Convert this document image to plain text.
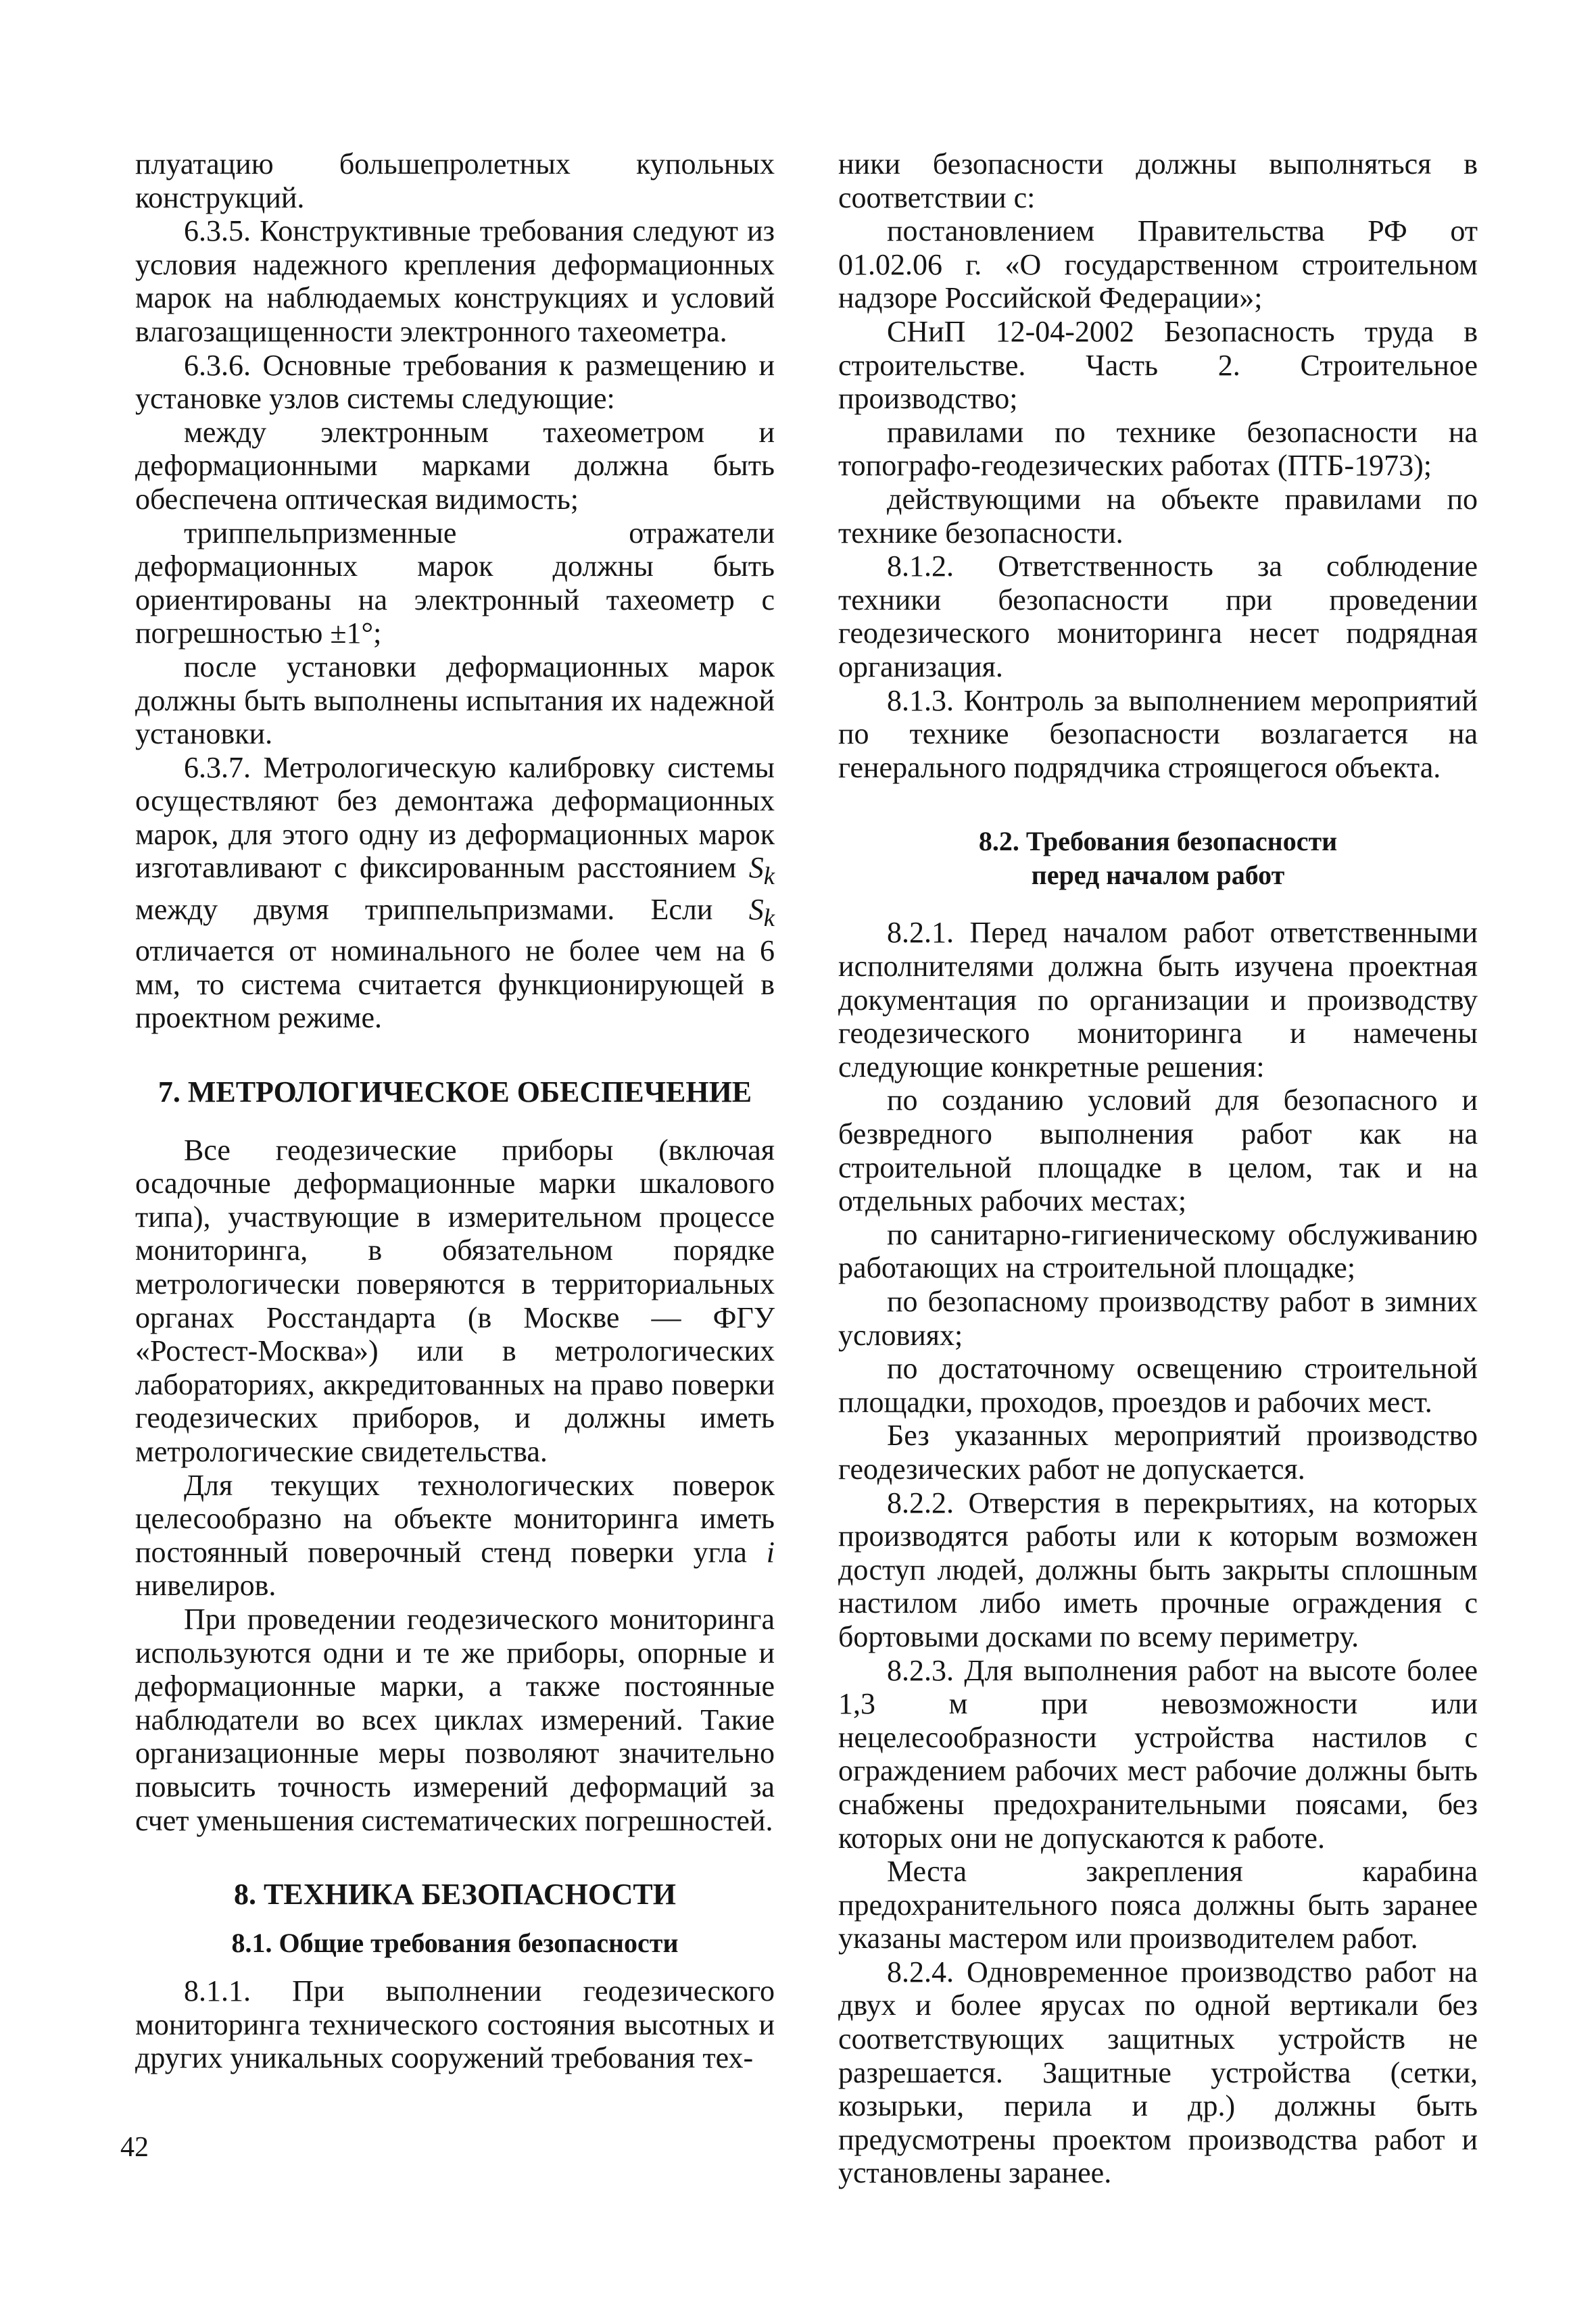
плуатацию большепролетных купольных конструкций.

6.3.5. Конструктивные требования следуют из условия надежного крепления деформационных марок на наблюдаемых конструкциях и условий влагозащищенности электронного тахеометра.

6.3.6. Основные требования к размещению и установке узлов системы следующие:

между электронным тахеометром и деформационными марками должна быть обеспечена оптическая видимость;

триппельпризменные отражатели деформационных марок должны быть ориентированы на электронный тахеометр с погрешностью ±1°;

после установки деформационных марок должны быть выполнены испытания их надежной установки.

6.3.7. Метрологическую калибровку системы осуществляют без демонтажа деформационных марок, для этого одну из деформационных марок изготавливают с фиксированным расстоянием $S_k$ между двумя триппельпризмами. Если $S_k$ отличается от номинального не более чем на 6 мм, то система считается функционирующей в проектном режиме.

7. МЕТРОЛОГИЧЕСКОЕ ОБЕСПЕЧЕНИЕ

Все геодезические приборы (включая осадочные деформационные марки шкалового типа), участвующие в измерительном процессе мониторинга, в обязательном порядке метрологически поверяются в территориальных органах Росстандарта (в Москве — ФГУ «Ростест-Москва») или в метрологических лабораториях, аккредитованных на право поверки геодезических приборов, и должны иметь метрологические свидетельства.

Для текущих технологических поверок целесообразно на объекте мониторинга иметь постоянный поверочный стенд поверки угла i нивелиров.

При проведении геодезического мониторинга используются одни и те же приборы, опорные и деформационные марки, а также постоянные наблюдатели во всех циклах измерений. Такие организационные меры позволяют значительно повысить точность измерений деформаций за счет уменьшения систематических погрешностей.

8. ТЕХНИКА БЕЗОПАСНОСТИ
8.1. Общие требования безопасности

8.1.1. При выполнении геодезического мониторинга технического состояния высотных и других уникальных сооружений требования тех-

ники безопасности должны выполняться в соответствии с:

постановлением Правительства РФ от 01.02.06 г. «О государственном строительном надзоре Российской Федерации»;

СНиП 12-04-2002 Безопасность труда в строительстве. Часть 2. Строительное производство;

правилами по технике безопасности на топографо-геодезических работах (ПТБ-1973);

действующими на объекте правилами по технике безопасности.

8.1.2. Ответственность за соблюдение техники безопасности при проведении геодезического мониторинга несет подрядная организация.

8.1.3. Контроль за выполнением мероприятий по технике безопасности возлагается на генерального подрядчика строящегося объекта.

8.2. Требования безопасности
перед началом работ

8.2.1. Перед началом работ ответственными исполнителями должна быть изучена проектная документация по организации и производству геодезического мониторинга и намечены следующие конкретные решения:

по созданию условий для безопасного и безвредного выполнения работ как на строительной площадке в целом, так и на отдельных рабочих местах;

по санитарно-гигиеническому обслуживанию работающих на строительной площадке;

по безопасному производству работ в зимних условиях;

по достаточному освещению строительной площадки, проходов, проездов и рабочих мест.

Без указанных мероприятий производство геодезических работ не допускается.

8.2.2. Отверстия в перекрытиях, на которых производятся работы или к которым возможен доступ людей, должны быть закрыты сплошным настилом либо иметь прочные ограждения с бортовыми досками по всему периметру.

8.2.3. Для выполнения работ на высоте более 1,3 м при невозможности или нецелесообразности устройства настилов с ограждением рабочих мест рабочие должны быть снабжены предохранительными поясами, без которых они не допускаются к работе.

Места закрепления карабина предохранительного пояса должны быть заранее указаны мастером или производителем работ.

8.2.4. Одновременное производство работ на двух и более ярусах по одной вертикали без соответствующих защитных устройств не разрешается. Защитные устройства (сетки, козырьки, перила и др.) должны быть предусмотрены проектом производства работ и установлены заранее.

42
